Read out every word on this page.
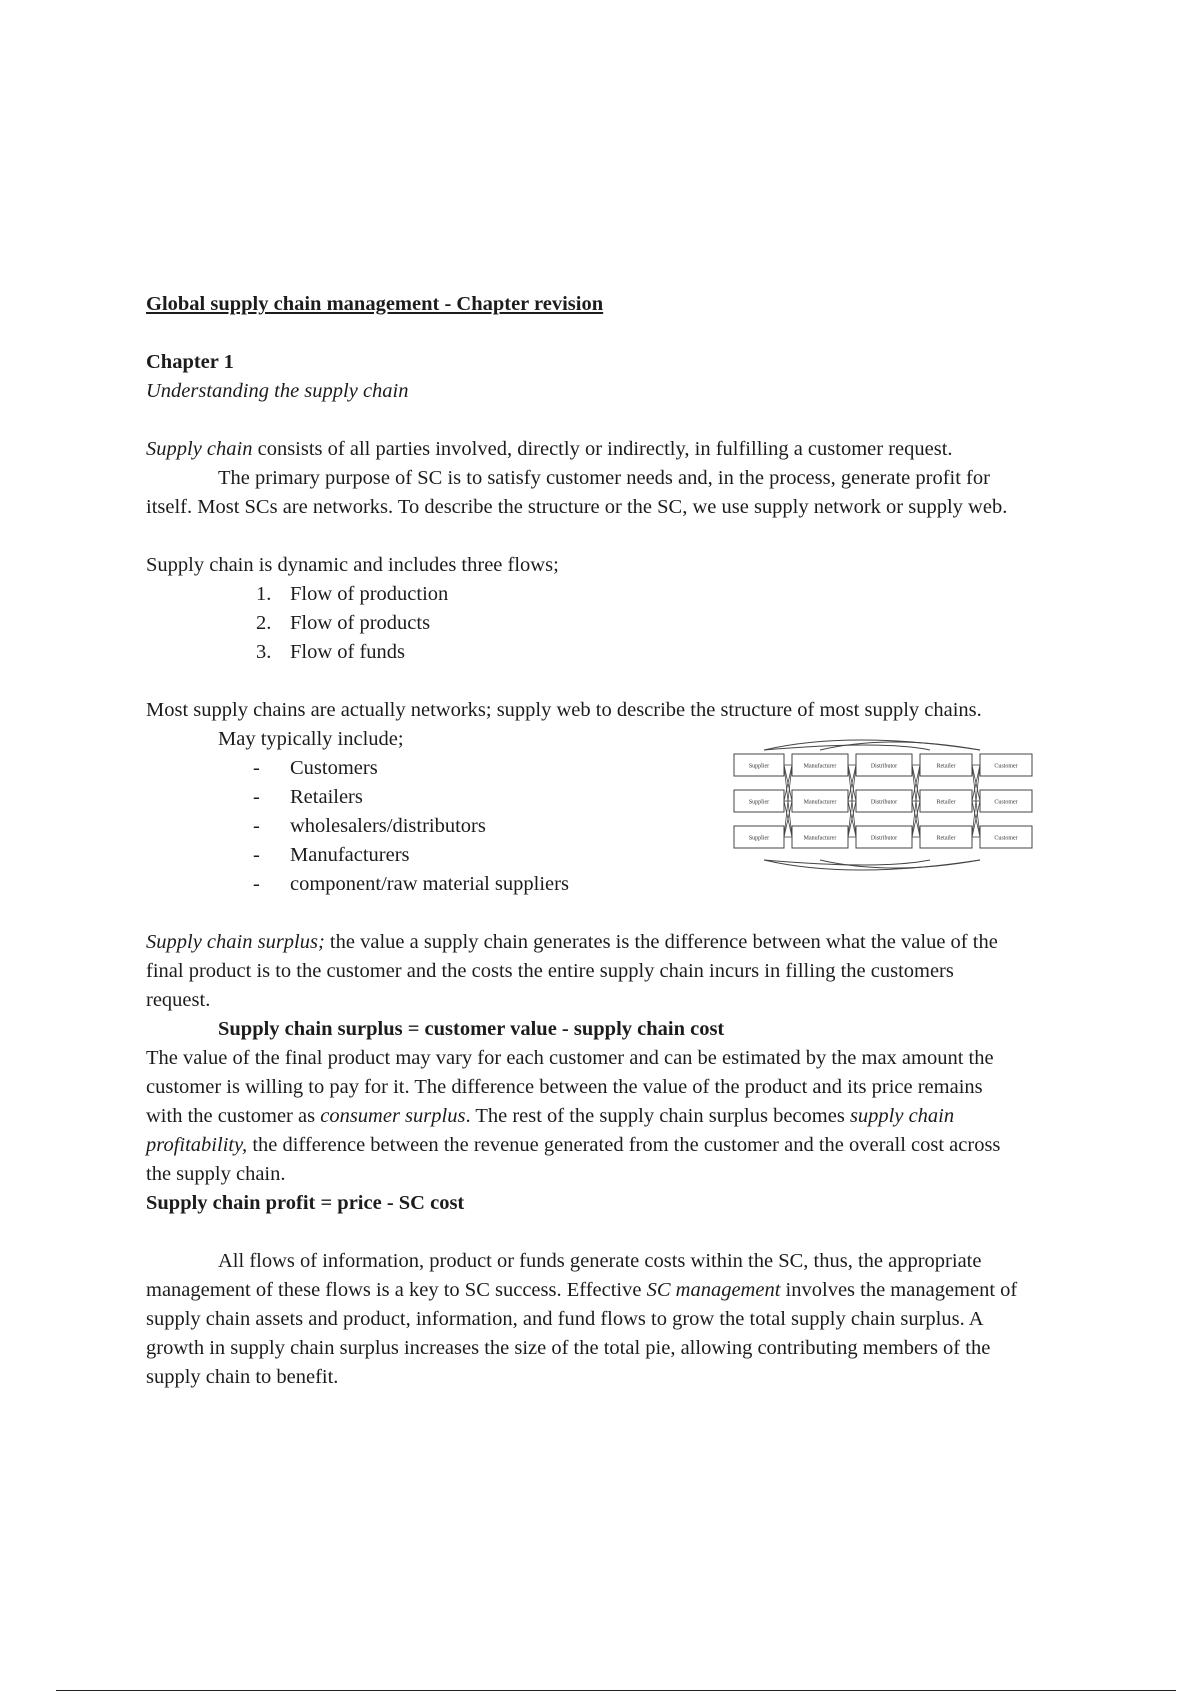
Global supply chain management - Chapter revision

Chapter 1

Understanding the supply chain

Supply chain consists of all parties involved, directly or indirectly, in fulfilling a customer request.

The primary purpose of SC is to satisfy customer needs and, in the process, generate profit for

itself. Most SCs are networks. To describe the structure or the SC, we use supply network or supply web.

Supply chain is dynamic and includes three flows;

1. Flow of production
2. Flow of products
3. Flow of funds

Most supply chains are actually networks; supply web to describe the structure of most supply chains.

May typically include;

- Customers
- Retailers
- wholesalers/distributors
- Manufacturers
- component/raw material suppliers
Supplier	Manufacturer	Distributor	Retailer	Customer
Supplier	Manufacturer	Distributor	Retailer	Customer
Supplier	Manufacturer	Distributor	Retailer	Customer

Supply chain surplus; the value a supply chain generates is the difference between what the value of the

final product is to the customer and the costs the entire supply chain incurs in filling the customers

request.

Supply chain surplus = customer value - supply chain cost

The value of the final product may vary for each customer and can be estimated by the max amount the

customer is willing to pay for it. The difference between the value of the product and its price remains

with the customer as consumer surplus. The rest of the supply chain surplus becomes supply chain

profitability, the difference between the revenue generated from the customer and the overall cost across

the supply chain.

Supply chain profit = price - SC cost

All flows of information, product or funds generate costs within the SC, thus, the appropriate

management of these flows is a key to SC success. Effective SC management involves the management of

supply chain assets and product, information, and fund flows to grow the total supply chain surplus. A

growth in supply chain surplus increases the size of the total pie, allowing contributing members of the

supply chain to benefit.
